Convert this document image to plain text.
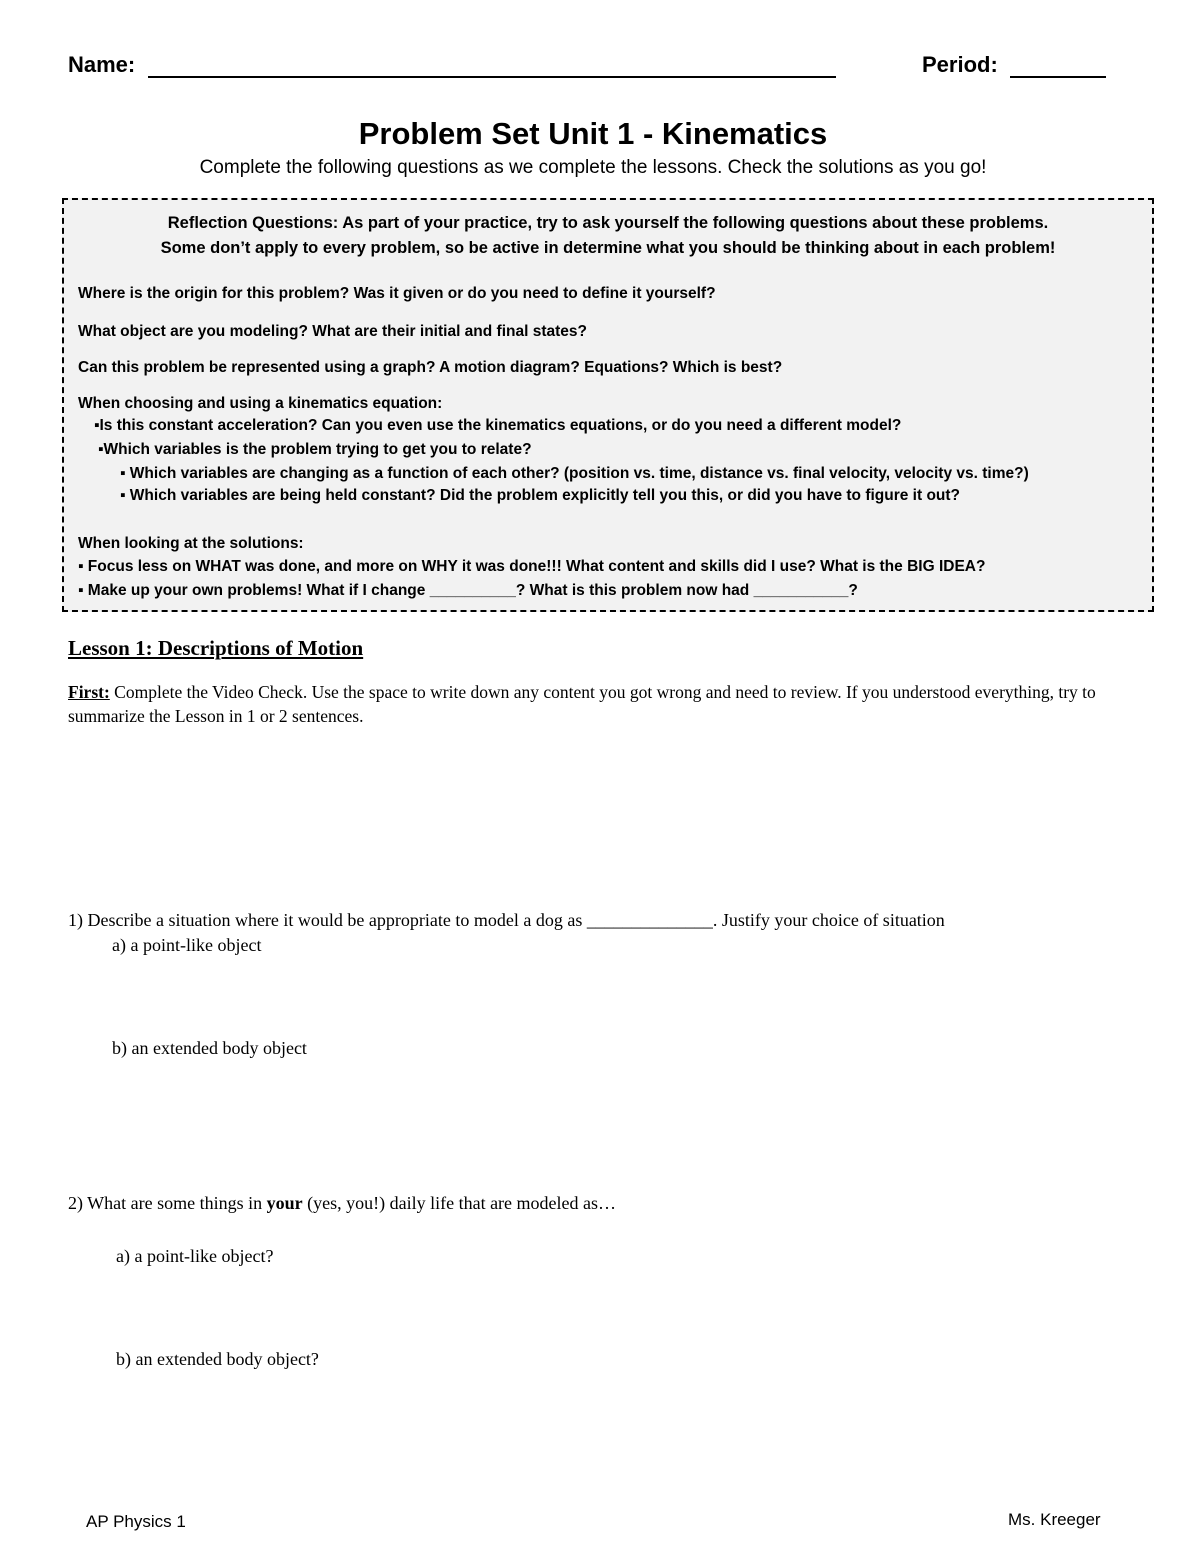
Name:	Period:
Problem Set Unit 1 - Kinematics
Complete the following questions as we complete the lessons. Check the solutions as you go!
Reflection Questions: As part of your practice, try to ask yourself the following questions about these problems.
Some don’t apply to every problem, so be active in determine what you should be thinking about in each problem!
Where is the origin for this problem? Was it given or do you need to define it yourself?
What object are you modeling? What are their initial and final states?
Can this problem be represented using a graph? A motion diagram? Equations? Which is best?
When choosing and using a kinematics equation:
▪Is this constant acceleration? Can you even use the kinematics equations, or do you need a different model?
▪Which variables is the problem trying to get you to relate?
▪ Which variables are changing as a function of each other? (position vs. time, distance vs. final velocity, velocity vs. time?)
▪ Which variables are being held constant? Did the problem explicitly tell you this, or did you have to figure it out?
When looking at the solutions:
▪ Focus less on WHAT was done, and more on WHY it was done!!! What content and skills did I use? What is the BIG IDEA?
▪ Make up your own problems! What if I change __________? What is this problem now had ___________?
Lesson 1: Descriptions of Motion
First: Complete the Video Check. Use the space to write down any content you got wrong and need to review. If you understood everything, try to summarize the Lesson in 1 or 2 sentences.
1) Describe a situation where it would be appropriate to model a dog as ______________. Justify your choice of situation
a) a point-like object
b) an extended body object
2) What are some things in your (yes, you!) daily life that are modeled as…
a) a point-like object?
b) an extended body object?
AP Physics 1	Ms. Kreeger
